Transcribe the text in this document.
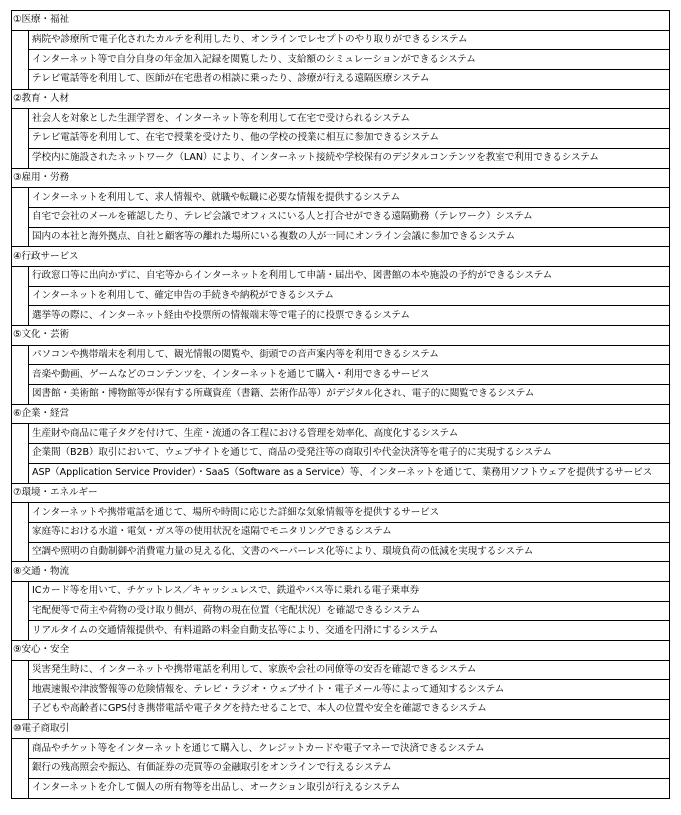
①医療・福祉	
	病院や診療所で電子化されたカルテを利用したり、オンラインでレセプトのやり取りができるシステム
	インターネット等で自分自身の年金加入記録を閲覧したり、支給額のシミュレーションができるシステム
	テレビ電話等を利用して、医師が在宅患者の相談に乗ったり、診療が行える遠隔医療システム
②教育・人材	
	社会人を対象とした生涯学習を、インターネット等を利用して在宅で受けられるシステム
	テレビ電話等を利用して、在宅で授業を受けたり、他の学校の授業に相互に参加できるシステム
	学校内に施設されたネットワーク（LAN）により、インターネット接続や学校保有のデジタルコンテンツを教室で利用できるシステム
③雇用・労務	
	インターネットを利用して、求人情報や、就職や転職に必要な情報を提供するシステム
	自宅で会社のメールを確認したり、テレビ会議でオフィスにいる人と打合せができる遠隔勤務（テレワーク）システム
	国内の本社と海外拠点、自社と顧客等の離れた場所にいる複数の人が一同にオンライン会議に参加できるシステム
④行政サービス	
	行政窓口等に出向かずに、自宅等からインターネットを利用して申請・届出や、図書館の本や施設の予約ができるシステム
	インターネットを利用して、確定申告の手続きや納税ができるシステム
	選挙等の際に、インターネット経由や投票所の情報端末等で電子的に投票できるシステム
⑤文化・芸術	
	パソコンや携帯端末を利用して、観光情報の閲覧や、街頭での音声案内等を利用できるシステム
	音楽や動画、ゲームなどのコンテンツを、インターネットを通じて購入・利用できるサービス
	図書館・美術館・博物館等が保有する所蔵資産（書籍、芸術作品等）がデジタル化され、電子的に閲覧できるシステム
⑥企業・経営	
	生産財や商品に電子タグを付けて、生産・流通の各工程における管理を効率化、高度化するシステム
	企業間（B2B）取引において、ウェブサイトを通じて、商品の受発注等の商取引や代金決済等を電子的に実現するシステム
	ASP（Application Service Provider）・SaaS（Software as a Service）等、インターネットを通じて、業務用ソフトウェアを提供するサービス
⑦環境・エネルギー	
	インターネットや携帯電話を通じて、場所や時間に応じた詳細な気象情報等を提供するサービス
	家庭等における水道・電気・ガス等の使用状況を遠隔でモニタリングできるシステム
	空調や照明の自動制御や消費電力量の見える化、文書のペーパーレス化等により、環境負荷の低減を実現するシステム
⑧交通・物流	
	ICカード等を用いて、チケットレス／キャッシュレスで、鉄道やバス等に乗れる電子乗車券
	宅配便等で荷主や荷物の受け取り側が、荷物の現在位置（宅配状況）を確認できるシステム
	リアルタイムの交通情報提供や、有料道路の料金自動支払等により、交通を円滑にするシステム
⑨安心・安全	
	災害発生時に、インターネットや携帯電話を利用して、家族や会社の同僚等の安否を確認できるシステム
	地震速報や津波警報等の危険情報を、テレビ・ラジオ・ウェブサイト・電子メール等によって通知するシステム
	子どもや高齢者にGPS付き携帯電話や電子タグを持たせることで、本人の位置や安全を確認できるシステム
⑩電子商取引	
	商品やチケット等をインターネットを通じて購入し、クレジットカードや電子マネーで決済できるシステム
	銀行の残高照会や振込、有価証券の売買等の金融取引をオンラインで行えるシステム
	インターネットを介して個人の所有物等を出品し、オークション取引が行えるシステム
